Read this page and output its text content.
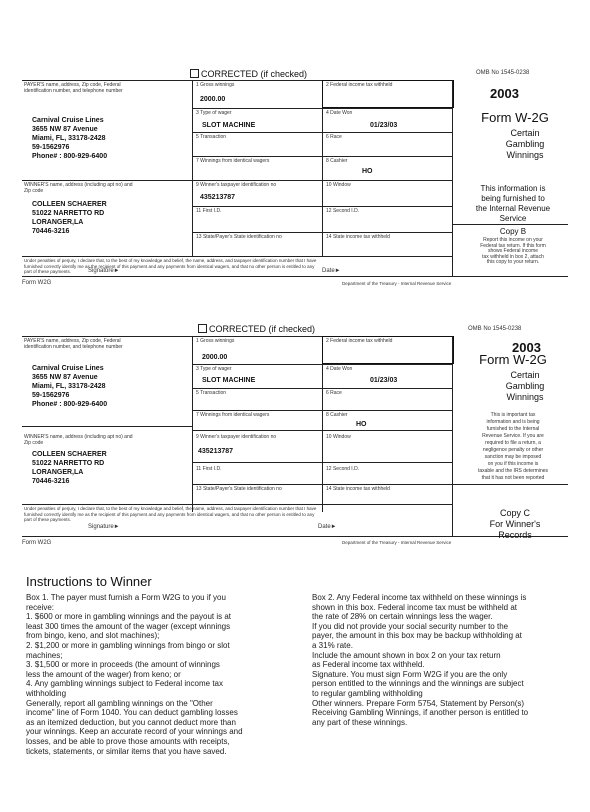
CORRECTED (if checked)	OMB No 1545-0238
PAYER'S name, address, Zip code, Federal
identification number, and telephone number
Carnival Cruise Lines
3655 NW 87 Avenue
Miami, FL, 33178-2428
59-1562976
Phone# : 800-929-6400
1 Gross winnings
2000.00
2 Federal income tax withheld
3 Type of wager
SLOT MACHINE
4 Date Won
01/23/03
5 Transaction	6 Race
7 Winnings from identical wagers	8 Cashier
HO
WINNER'S name, address (including apt no) and
Zip code
COLLEEN SCHAERER
51022 NARRETTO RD
LORANGER,LA
70446-3216
9 Winner's taxpayer identification no
435213787
10 Window
11 First I.D.	12 Second I.D.
13 State/Payer's State identification no	14 State income tax withheld
Under penalties of perjury, I declare that, to the best of my knowledge and belief, the name, address, and taxpayer identification number that I have
furnished correctly identify me as the recipient of this payment and any payments from identical wagers, and that no other person is entitled to any
part of these payments.	Signature►	Date►
Form W2G	Department of the Treasury - Internal Revenue Service
2003
Form W-2G
Certain
Gambling
Winnings
This information is
being furnished to
the Internal Revenue
Service
Copy B
Report this income on your
Federal tax return. If this form
shows Federal income
tax withheld in box 2, attach
this copy to your return.
CORRECTED (if checked)	OMB No 1545-0238
PAYER'S name, address, Zip code, Federal
identification number, and telephone number
Carnival Cruise Lines
3655 NW 87 Avenue
Miami, FL, 33178-2428
59-1562976
Phone# : 800-929-6400
1 Gross winnings
2000.00
2 Federal income tax withheld
3 Type of wager
SLOT MACHINE
4 Date Won
01/23/03
5 Transaction	6 Race
7 Winnings from identical wagers	8 Cashier
HO
WINNER'S name, address (including apt no) and
Zip code
COLLEEN SCHAERER
51022 NARRETTO RD
LORANGER,LA
70446-3216
9 Winner's taxpayer identification no
435213787
10 Window
11 First I.D.	12 Second I.D.
13 State/Payer's State identification no	14 State income tax withheld
Under penalties of perjury, I declare that, to the best of my knowledge and belief, the name, address, and taxpayer identification number that I have
furnished correctly identify me as the recipient of this payment and any payments from identical wagers, and that no other person is entitled to any
part of these payments.
Signature►	Date►
Form W2G	Department of the Treasury - Internal Revenue Service
2003
Form W-2G
Certain
Gambling
Winnings
This is important tax
information and is being
furnished to the Internal
Revenue Service. If you are
required to file a return, a
negligence penalty or other
sanction may be imposed
on you if this income is
taxable and the IRS determines
that it has not been reported
Copy C
For Winner's
Records
Instructions to Winner
Box 1. The payer must furnish a Form W2G to you if you
receive:
1. $600 or more in gambling winnings and the payout is at
least 300 times the amount of the wager (except winnings
from bingo, keno, and slot machines);
2. $1,200 or more in gambling winnings from bingo or slot
machines;
3. $1,500 or more in proceeds (the amount of winnings
less the amount of the wager) from keno; or
4. Any gambling winnings subject to Federal income tax
withholding
Generally, report all gambling winnings on the "Other
income" line of Form 1040. You can deduct gambling losses
as an itemized deduction, but you cannot deduct more than
your winnings. Keep an accurate record of your winnings and
losses, and be able to prove those amounts with receipts,
tickets, statements, or similar items that you have saved.
Box 2. Any Federal income tax withheld on these winnings is
shown in this box. Federal income tax must be withheld at
the rate of 28% on certain winnings less the wager.
If you did not provide your social security number to the
payer, the amount in this box may be backup withholding at
a 31% rate.
Include the amount shown in box 2 on your tax return
as Federal income tax withheld.
Signature. You must sign Form W2G if you are the only
person entitled to the winnings and the winnings are subject
to regular gambling withholding
Other winners. Prepare Form 5754, Statement by Person(s)
Receiving Gambling Winnings, if another person is entitled to
any part of these winnings.
